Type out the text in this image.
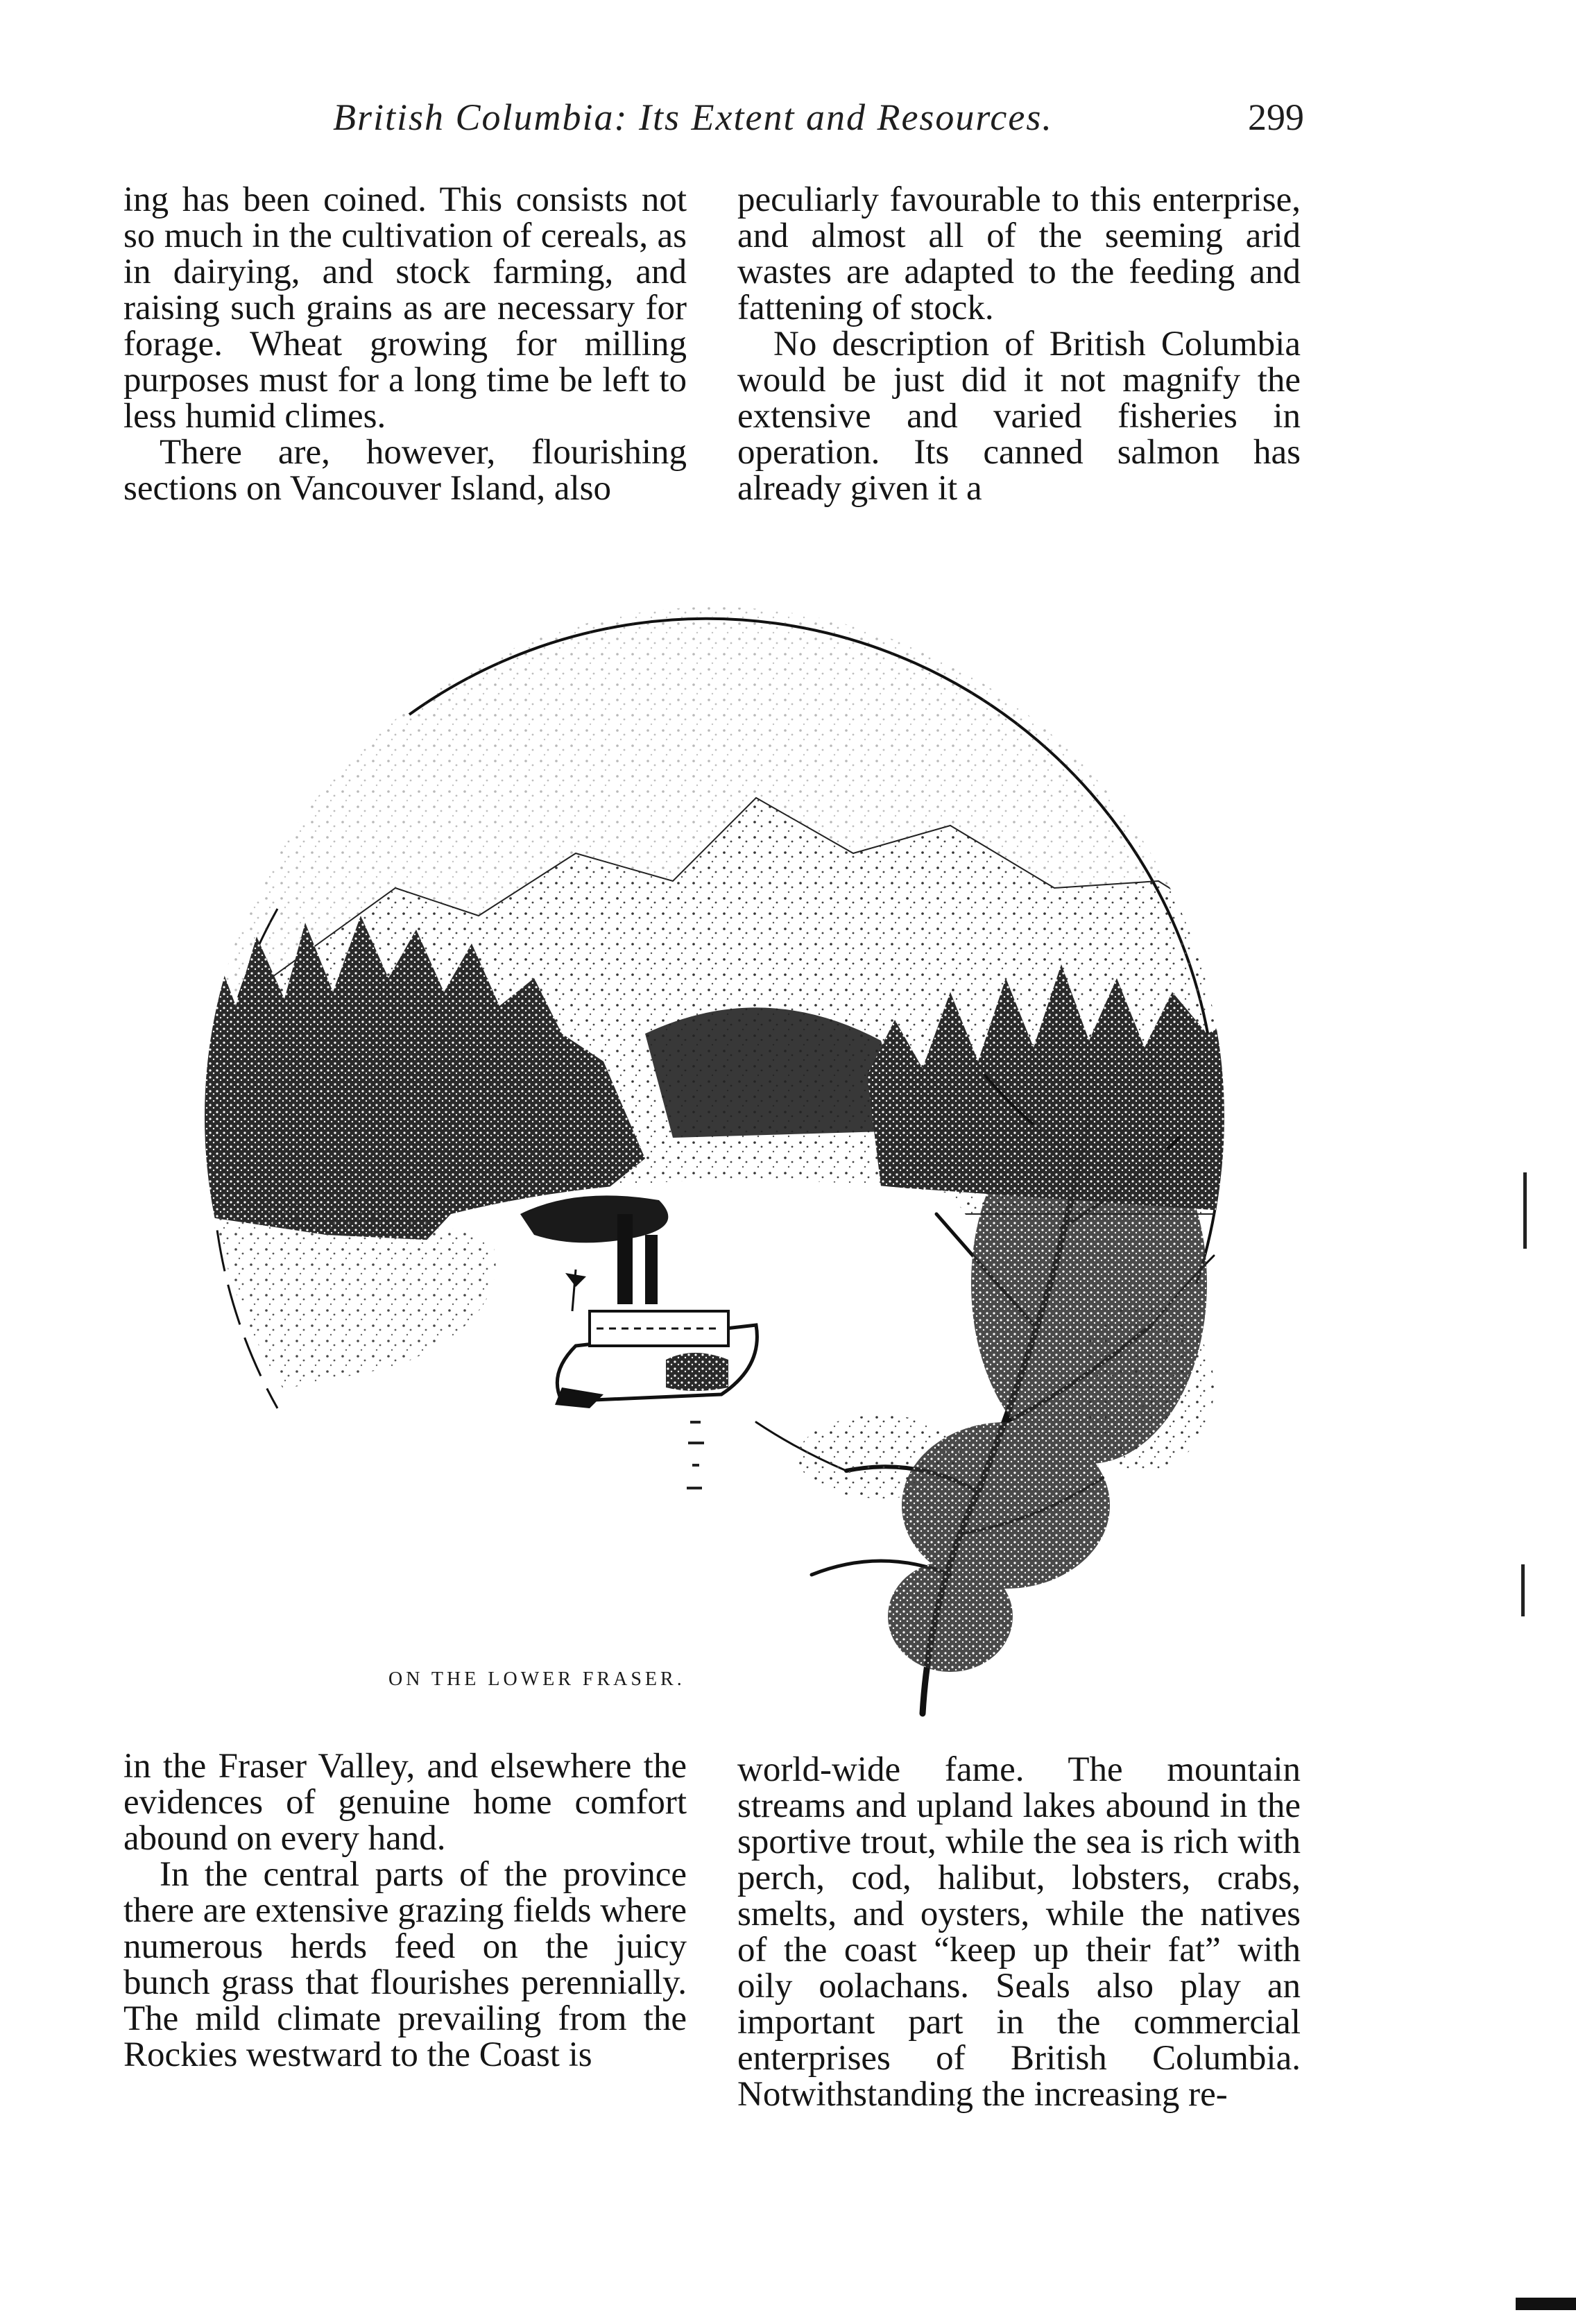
British Columbia: Its Extent and Resources.	299

ing has been coined. This consists not so much in the cultivation of cereals, as in dairying, and stock farming, and raising such grains as are necessary for forage. Wheat growing for milling purposes must for a long time be left to less humid climes.

There are, however, flourishing sections on Vancouver Island, also

peculiarly favourable to this enterprise, and almost all of the seeming arid wastes are adapted to the feeding and fattening of stock.

No description of British Columbia would be just did it not magnify the extensive and varied fisheries in operation. Its canned salmon has already given it a

ON THE LOWER FRASER.

in the Fraser Valley, and elsewhere the evidences of genuine home comfort abound on every hand.

In the central parts of the province there are extensive grazing fields where numerous herds feed on the juicy bunch grass that flourishes perennially. The mild climate prevailing from the Rockies westward to the Coast is

world-wide fame. The mountain streams and upland lakes abound in the sportive trout, while the sea is rich with perch, cod, halibut, lobsters, crabs, smelts, and oysters, while the natives of the coast “keep up their fat” with oily oolachans. Seals also play an important part in the commercial enterprises of British Columbia. Notwithstanding the increasing re-
